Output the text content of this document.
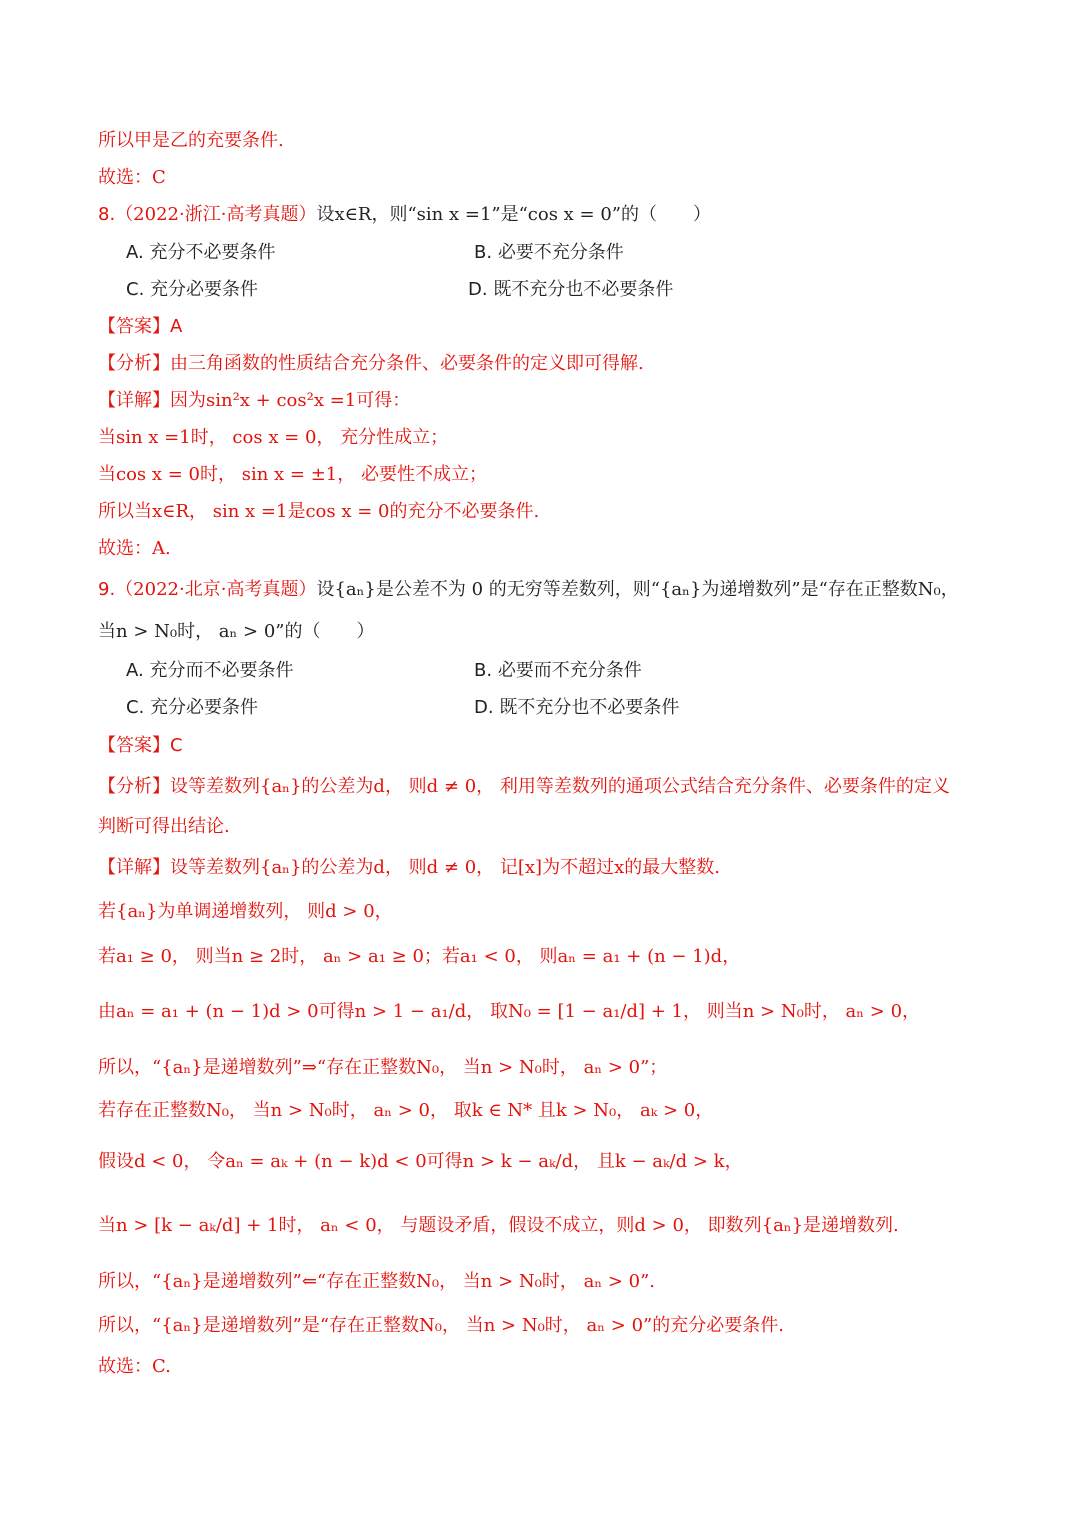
所以甲是乙的充要条件.
故选：C
8.（2022·浙江·高考真题）设x∈R，则“sin x =1”是“cos x = 0”的（　　）
A. 充分不必要条件	B. 必要不充分条件
C. 充分必要条件	D. 既不充分也不必要条件
【答案】A
【分析】由三角函数的性质结合充分条件、必要条件的定义即可得解.
【详解】因为sin²x + cos²x =1可得：
当sin x =1时， cos x = 0， 充分性成立；
当cos x = 0时， sin x = ±1， 必要性不成立；
所以当x∈R， sin x =1是cos x = 0的充分不必要条件.
故选：A.
9.（2022·北京·高考真题）设{aₙ}是公差不为 0 的无穷等差数列，则“{aₙ}为递增数列”是“存在正整数N₀，
当n > N₀时， aₙ > 0”的（　　）
A. 充分而不必要条件	B. 必要而不充分条件
C. 充分必要条件	D. 既不充分也不必要条件
【答案】C
【分析】设等差数列{aₙ}的公差为d， 则d ≠ 0， 利用等差数列的通项公式结合充分条件、必要条件的定义
判断可得出结论.
【详解】设等差数列{aₙ}的公差为d， 则d ≠ 0， 记[x]为不超过x的最大整数.
若{aₙ}为单调递增数列， 则d > 0，
若a₁ ≥ 0， 则当n ≥ 2时， aₙ > a₁ ≥ 0；若a₁ < 0， 则aₙ = a₁ + (n − 1)d，
由aₙ = a₁ + (n − 1)d > 0可得n > 1 − a₁/d， 取N₀ = [1 − a₁/d] + 1， 则当n > N₀时， aₙ > 0，
所以，“{aₙ}是递增数列”⇒“存在正整数N₀， 当n > N₀时， aₙ > 0”；
若存在正整数N₀， 当n > N₀时， aₙ > 0， 取k ∈ N* 且k > N₀， aₖ > 0，
假设d < 0， 令aₙ = aₖ + (n − k)d < 0可得n > k − aₖ/d， 且k − aₖ/d > k，
当n > [k − aₖ/d] + 1时， aₙ < 0， 与题设矛盾，假设不成立，则d > 0， 即数列{aₙ}是递增数列.
所以，“{aₙ}是递增数列”⇐“存在正整数N₀， 当n > N₀时， aₙ > 0”.
所以，“{aₙ}是递增数列”是“存在正整数N₀， 当n > N₀时， aₙ > 0”的充分必要条件.
故选：C.
